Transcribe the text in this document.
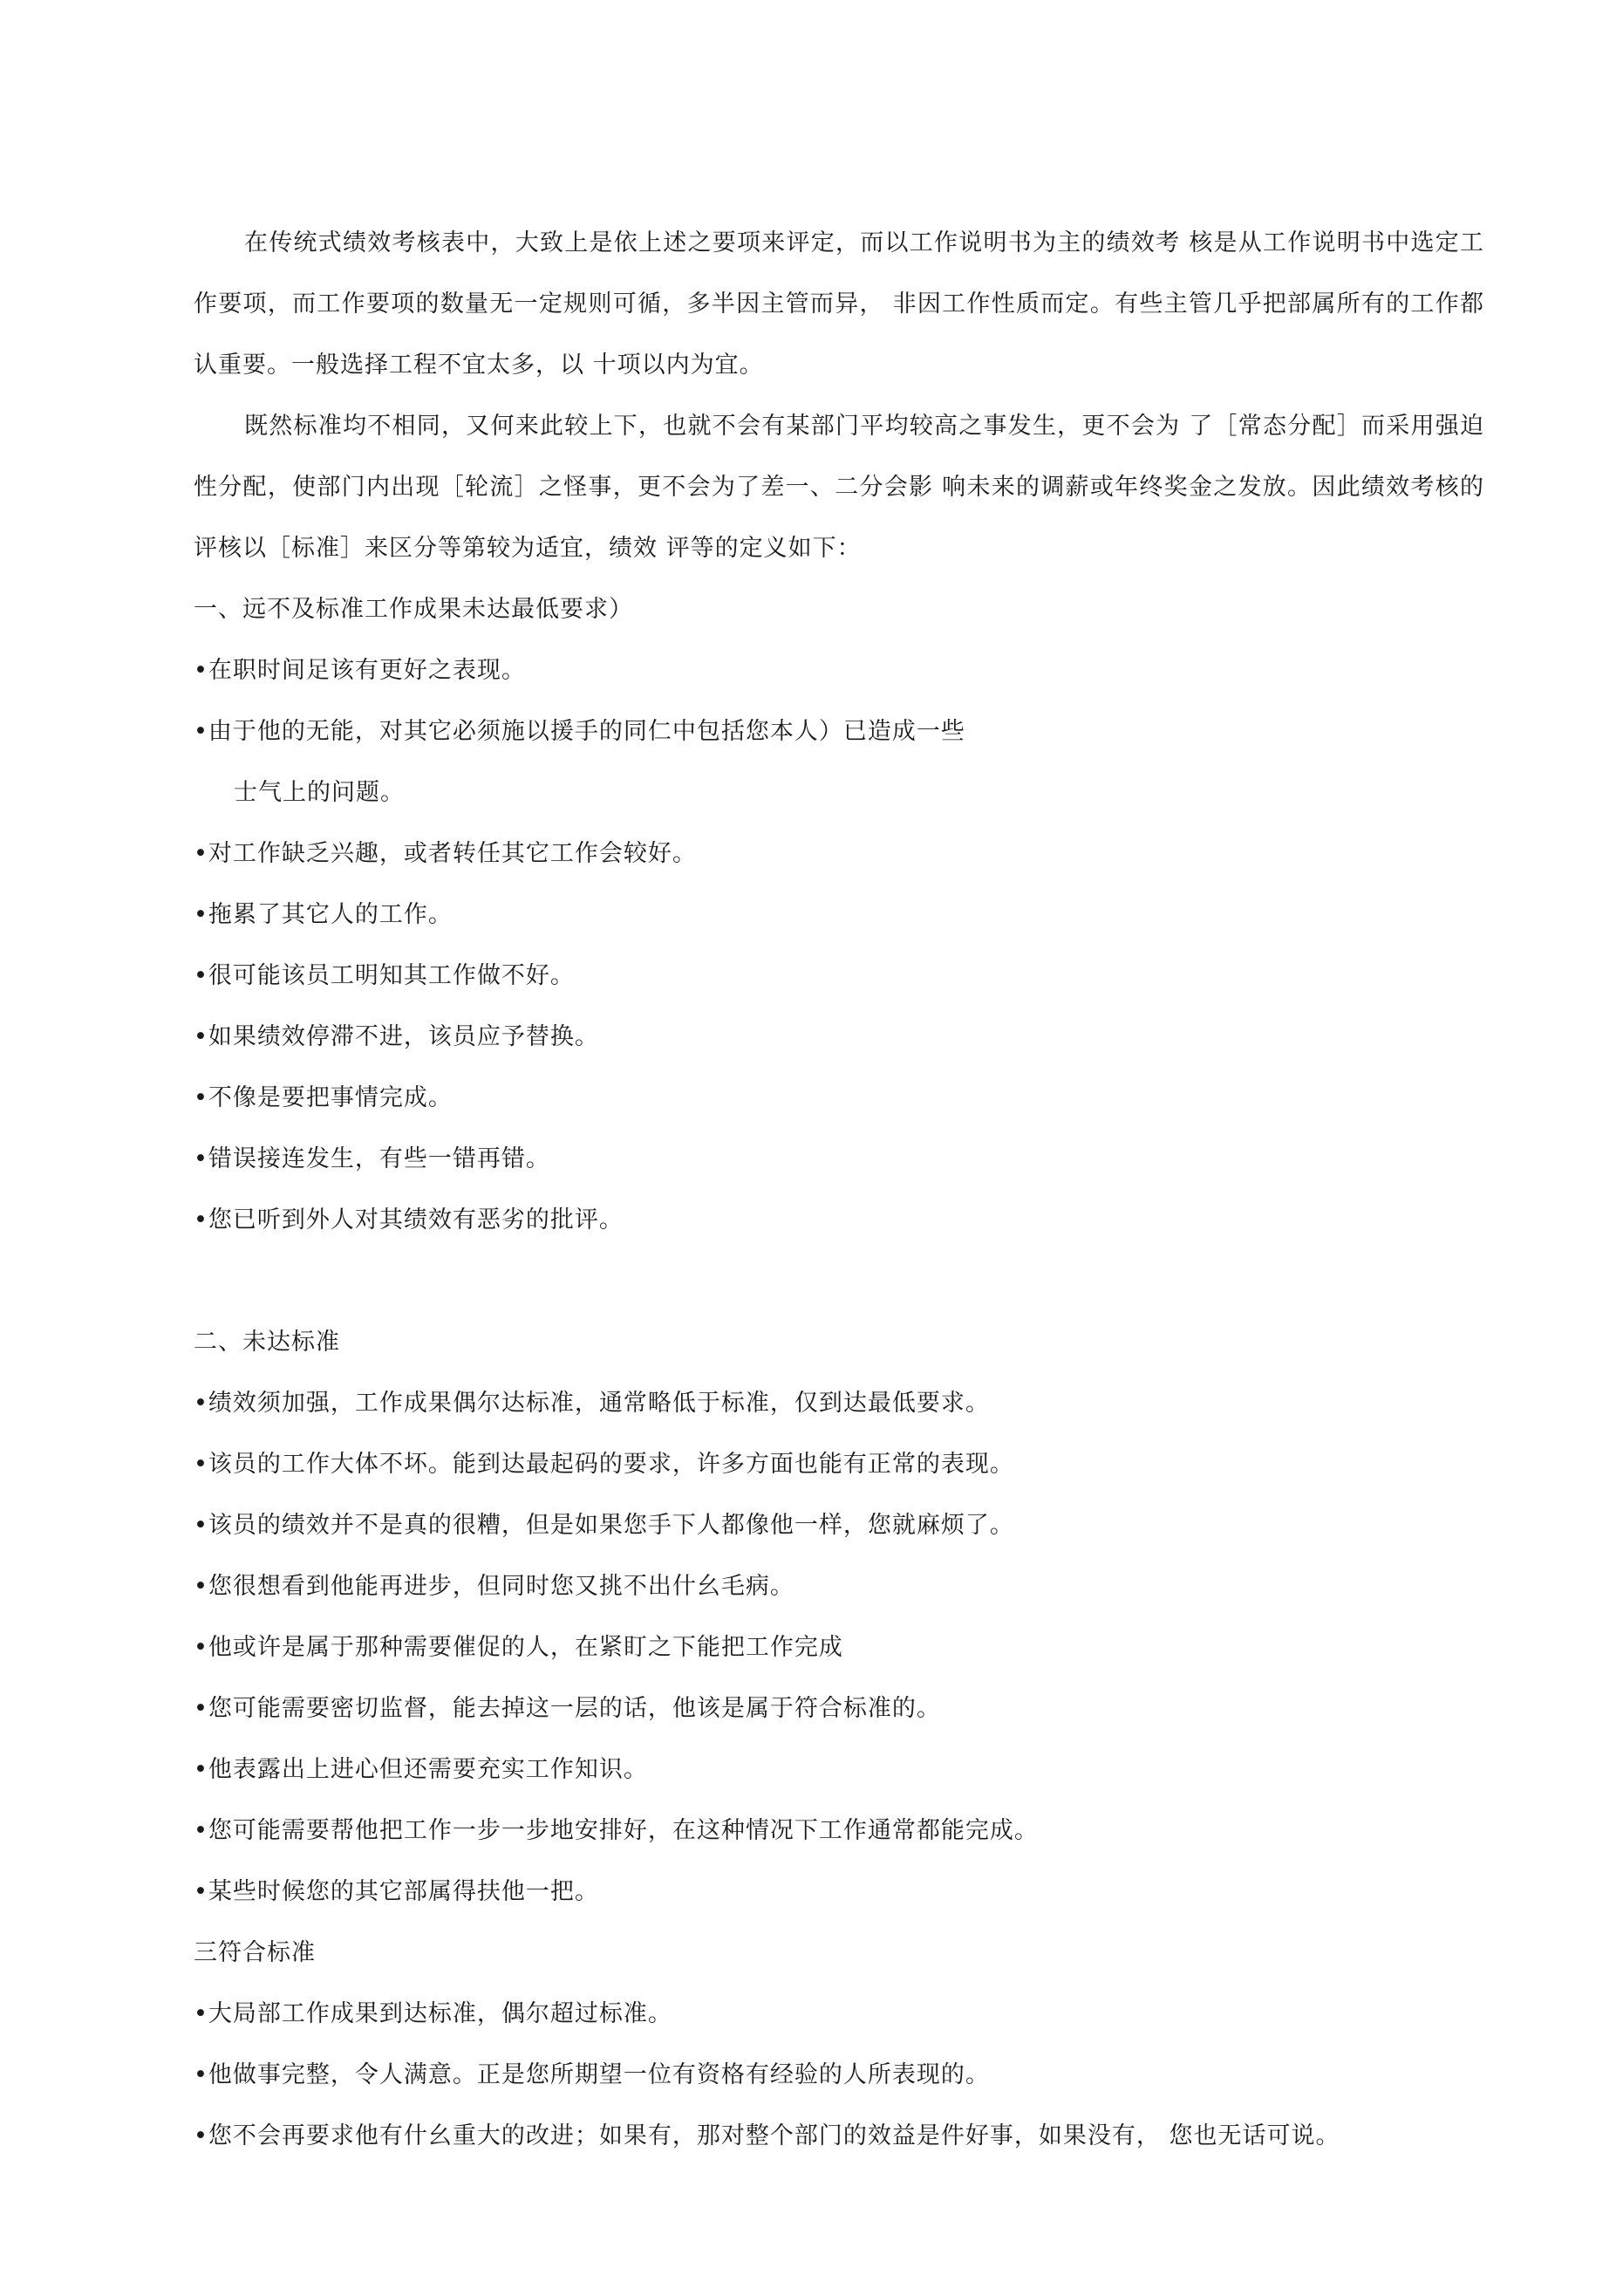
在传统式绩效考核表中，大致上是依上述之要项来评定，而以工作说明书为主的绩效考 核是从工作说明书中选定工作要项，而工作要项的数量无一定规则可循，多半因主管而异， 非因工作性质而定。有些主管几乎把部属所有的工作都认重要。一般选择工程不宜太多，以 十项以内为宜。

既然标准均不相同，又何来此较上下，也就不会有某部门平均较高之事发生，更不会为 了［常态分配］而采用强迫性分配，使部门内出现［轮流］之怪事，更不会为了差一、二分会影 响未来的调薪或年终奖金之发放。因此绩效考核的评核以［标准］来区分等第较为适宜，绩效 评等的定义如下：

一、远不及标准工作成果未达最低要求）

•在职时间足该有更好之表现。

•由于他的无能，对其它必须施以援手的同仁中包括您本人）已造成一些

士气上的问题。

•对工作缺乏兴趣，或者转任其它工作会较好。

•拖累了其它人的工作。

•很可能该员工明知其工作做不好。

•如果绩效停滞不进，该员应予替换。

•不像是要把事情完成。

•错误接连发生，有些一错再错。

•您已听到外人对其绩效有恶劣的批评。

二、未达标准

•绩效须加强，工作成果偶尔达标准，通常略低于标准，仅到达最低要求。

•该员的工作大体不坏。能到达最起码的要求，许多方面也能有正常的表现。

•该员的绩效并不是真的很糟，但是如果您手下人都像他一样，您就麻烦了。

•您很想看到他能再进步，但同时您又挑不出什幺毛病。

•他或许是属于那种需要催促的人，在紧盯之下能把工作完成

•您可能需要密切监督，能去掉这一层的话，他该是属于符合标准的。

•他表露出上进心但还需要充实工作知识。

•您可能需要帮他把工作一步一步地安排好，在这种情况下工作通常都能完成。

•某些时候您的其它部属得扶他一把。

三符合标准

•大局部工作成果到达标准，偶尔超过标准。

•他做事完整，令人满意。正是您所期望一位有资格有经验的人所表现的。

•您不会再要求他有什幺重大的改进；如果有，那对整个部门的效益是件好事，如果没有， 您也无话可说。
